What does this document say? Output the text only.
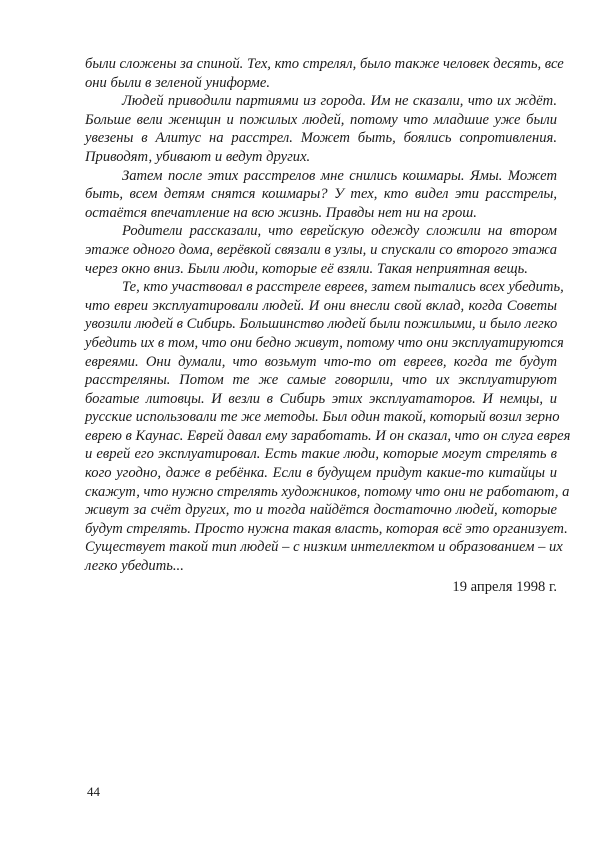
были сложены за спиной. Тех, кто стрелял, было также человек десять, все
они были в зеленой униформе.
Людей приводили партиями из города. Им не сказали, что их ждёт.
Больше вели женщин и пожилых людей, потому что младшие уже были
увезены в Алитус на расстрел. Может быть, боялись сопротивления.
Приводят, убивают и ведут других.
Затем после этих расстрелов мне снились кошмары. Ямы. Может
быть, всем детям снятся кошмары? У тех, кто видел эти расстрелы,
остаётся впечатление на всю жизнь. Правды нет ни на грош.
Родители рассказали, что еврейскую одежду сложили на втором
этаже одного дома, верёвкой связали в узлы, и спускали со второго этажа
через окно вниз. Были люди, которые её взяли. Такая неприятная вещь.
Те, кто участвовал в расстреле евреев, затем пытались всех убедить,
что евреи эксплуатировали людей. И они внесли свой вклад, когда Советы
увозили людей в Сибирь. Большинство людей были пожилыми, и было легко
убедить их в том, что они бедно живут, потому что они эксплуатируются
евреями. Они думали, что возьмут что-то от евреев, когда те будут
расстреляны. Потом те же самые говорили, что их эксплуатируют
богатые литовцы. И везли в Сибирь этих эксплуататоров. И немцы, и
русские использовали те же методы. Был один такой, который возил зерно
еврею в Каунас. Еврей давал ему заработать. И он сказал, что он слуга еврея
и еврей его эксплуатировал. Есть такие люди, которые могут стрелять в
кого угодно, даже в ребёнка. Если в будущем придут какие-то китайцы и
скажут, что нужно стрелять художников, потому что они не работают, а
живут за счёт других, то и тогда найдётся достаточно людей, которые
будут стрелять. Просто нужна такая власть, которая всё это организует.
Существует такой тип людей – с низким интеллектом и образованием – их
легко убедить...
19 апреля 1998 г.
44
